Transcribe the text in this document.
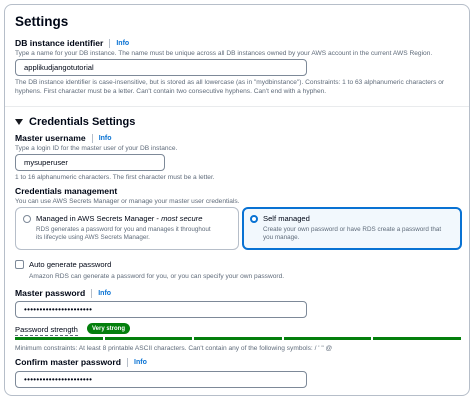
Settings
DB instance identifier	Info
Type a name for your DB instance. The name must be unique across all DB instances owned by your AWS account in the current AWS Region.
applikudjangotutorial
The DB instance identifier is case-insensitive, but is stored as all lowercase (as in "mydbinstance"). Constraints: 1 to 63 alphanumeric characters or
hyphens. First character must be a letter. Can't contain two consecutive hyphens. Can't end with a hyphen.
Credentials Settings
Master username	Info
Type a login ID for the master user of your DB instance.
mysuperuser
1 to 16 alphanumeric characters. The first character must be a letter.
Credentials management
You can use AWS Secrets Manager or manage your master user credentials.
Managed in AWS Secrets Manager - most secure
RDS generates a password for you and manages it throughout
its lifecycle using AWS Secrets Manager.
Self managed
Create your own password or have RDS create a password that
you manage.
Auto generate password
Amazon RDS can generate a password for you, or you can specify your own password.
Master password	Info
••••••••••••••••••••••
Password strength	Very strong
Minimum constraints: At least 8 printable ASCII characters. Can't contain any of the following symbols: / ' " @
Confirm master password	Info
••••••••••••••••••••••
